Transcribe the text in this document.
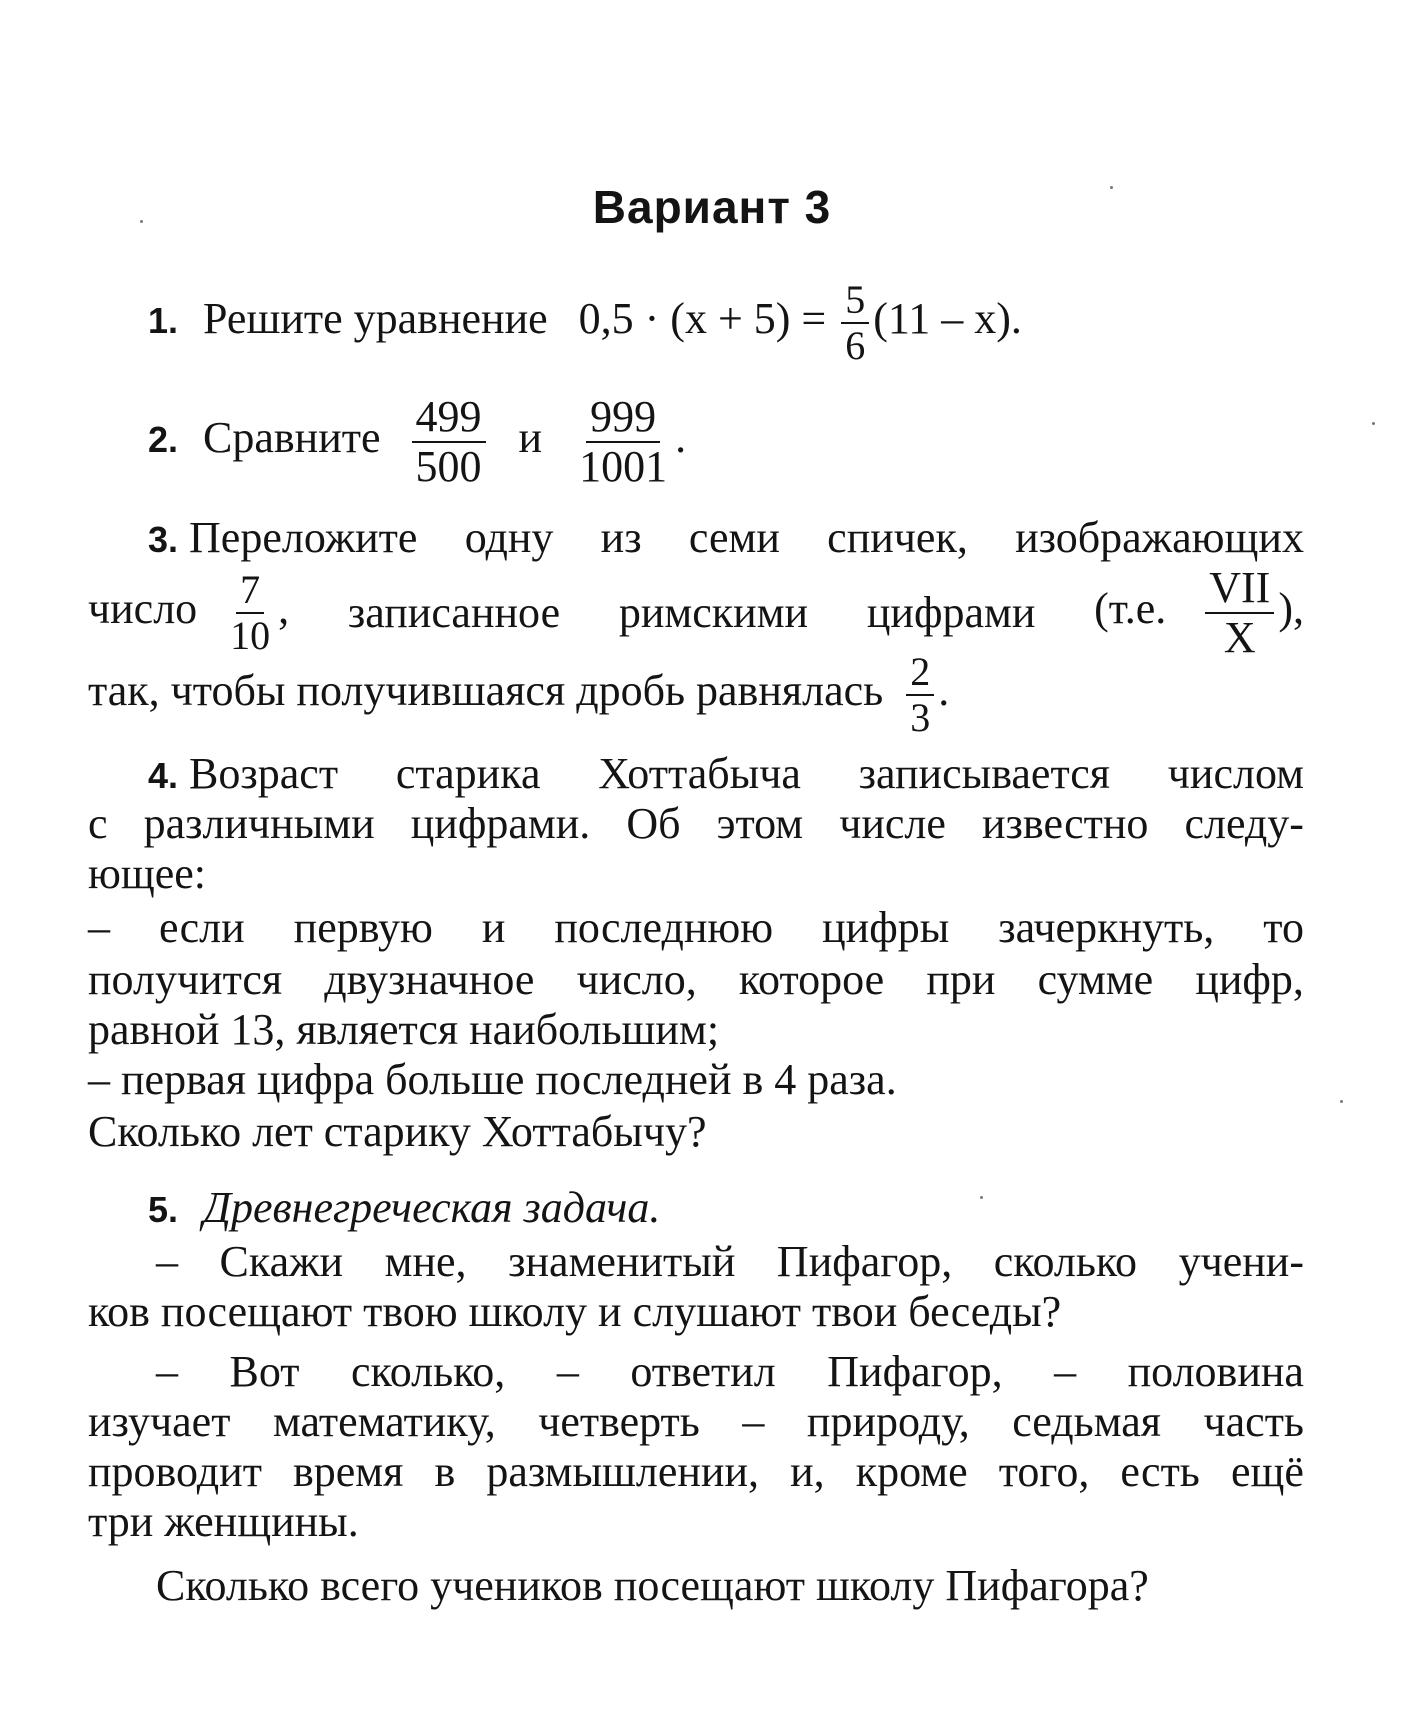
Вариант 3
1. Решите уравнение $0,5 \cdot (x + 5) = \frac{5}{6} (11 - x)$.
2. Сравните $\frac{499}{500}$ и $\frac{999}{1001}$ .
3. Переложите одну из семи спичек, изображающих
число $\frac{7}{10}$ , записанное римскими цифрами (т.е. $\frac{\text{VII}}{X}$ ),
так, чтобы получившаяся дробь равнялась $\frac{2}{3}$ .
4. Возраст старика Хоттабыча записывается числом
с различными цифрами. Об этом числе известно следу-
ющее:
– если первую и последнюю цифры зачеркнуть, то
получится двузначное число, которое при сумме цифр,
равной 13, является наибольшим;
– первая цифра больше последней в 4 раза.
Сколько лет старику Хоттабычу?
5. Древнегреческая задача.
– Скажи мне, знаменитый Пифагор, сколько учени-
ков посещают твою школу и слушают твои беседы?
– Вот сколько, – ответил Пифагор, – половина
изучает математику, четверть – природу, седьмая часть
проводит время в размышлении, и, кроме того, есть ещё
три женщины.
Сколько всего учеников посещают школу Пифагора?
